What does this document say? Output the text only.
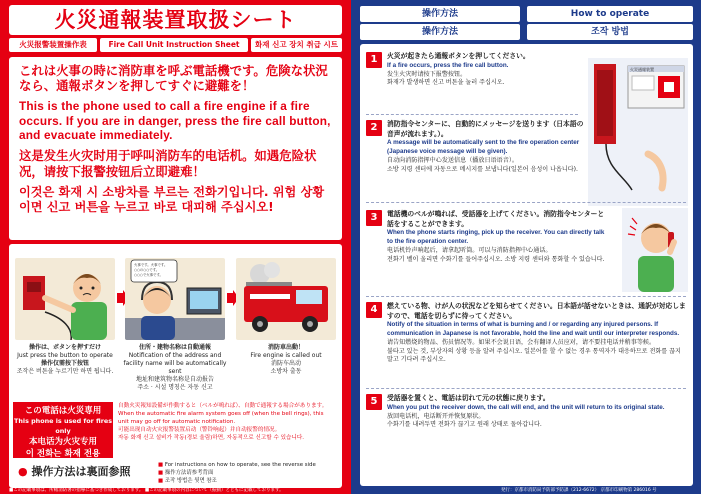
火災通報装置取扱シート
火災报警装置操作表	Fire Call Unit Instruction Sheet	화재 신고 장치 취급 시트
これは火事の時に消防車を呼ぶ電話機です。危険な状況なら、通報ボタンを押してすぐに避難を！
This is the phone used to call a fire engine if a fire occurs. If you are in danger, press the fire call button, and evacuate immediately.
这是发生火灾时用于呼叫消防车的电话机。如遇危险状况，请按下报警按钮后立即避难！
이것은 화재 시 소방차를 부르는 전화기입니다. 위험 상황이면 신고 버튼을 누르고 바로 대피해 주십시오!
火事です。火事です。
○○の○○です。
○○○で火事です。
操作は、ボタンを押すだけ
Just press the button to operate
操作仅需按下按钮
조작은 버튼을 누르기만 하면 됩니다.
住所・建物名称は自動通報
Notification of the address and facility name will be automatically sent
地址和建筑物名称是自动报告
주소 · 시설 명칭은 자동 신고
消防車出動！
Fire engine is called out
消防车出动
소방차 출동
この電話は火災専用
This phone is used for fires only
本电话为火灾专用
이 전화는 화재 전용
自動火災報知設備が作動すると（ベルが鳴れば）、自動で通報する場合があります。
When the automatic fire alarm system goes off (when the bell rings), this unit may go off for automatic notification.
可能出现自动火灾报警装置启动（警铃响起）并自动报警的情况。
자동 화재 신고 설비가 작동(경보 울림)하면, 자동적으로 신고할 수 있습니다.
● 操作方法は裏面参照	■ For instructions on how to operate, see the reverse side
■ 操作方法请参考背面
■ 조작 방법은 뒷면 참조
■この記載事項は、所轄消防署の指導に基づき作成しております。 ■この記載事項の内容について（振動）とともに記載しております。
操作方法	How to operate
操作方法	조작 방법
火災通報装置
1	火災が起きたら通報ボタンを押してください。
If a fire occurs, press the fire call button.
发生火灾时请按下报警按钮。
화재가 발생하면 신고 버튼을 눌러 주십시오.
2	消防指令センターに、自動的にメッセージを送ります（日本語の音声が流れます。）。
A message will be automatically sent to the fire operation center (Japanese voice message will be given).
自动向消防指挥中心发送信息（播放日语语音）。
소방 지령 센터에 자동으로 메시지를 보냅니다(일본어 음성이 나옵니다).
3	電話機のベルが鳴れば、受話器を上げてください。消防指令センターと話をすることができます。
When the phone starts ringing, pick up the receiver. You can directly talk to the fire operation center.
电话机铃声响起后，请拿起听筒。可以与消防指挥中心通话。
전화기 벨이 울리면 수화기를 들어주십시오. 소방 지령 센터와 통화할 수 있습니다.
4	燃えている物、けが人の状況などを知らせてください。日本語が話せないときは、通訳が対応しますので、電話を切らずに待ってください。
Notify of the situation in terms of what is burning and / or regarding any injured persons. If communication in Japanese is not favorable, hold the line and wait until our interpreter responds.
请告知燃烧的物品、伤员情况等。如果不会说日语，会有翻译人员应对，请不要挂电话并稍事等候。
불타고 있는 것, 부상자의 상황 등을 알려 주십시오. 일본어를 할 수 없는 경우 통역자가 대응하므로 전화를 끊지 말고 기다려 주십시오.
5	受話器を置くと、電話は切れて元の状態に戻ります。
When you put the receiver down, the call will end, and the unit will return to its original state.
放回电话机，电话断开并恢复原状。
수화기를 내려두면 전화가 끊기고 원래 상태로 돌아갑니다.
発行：京都市消防局予防部予防課（212-6672） 京都市印刷物第 286016 号
